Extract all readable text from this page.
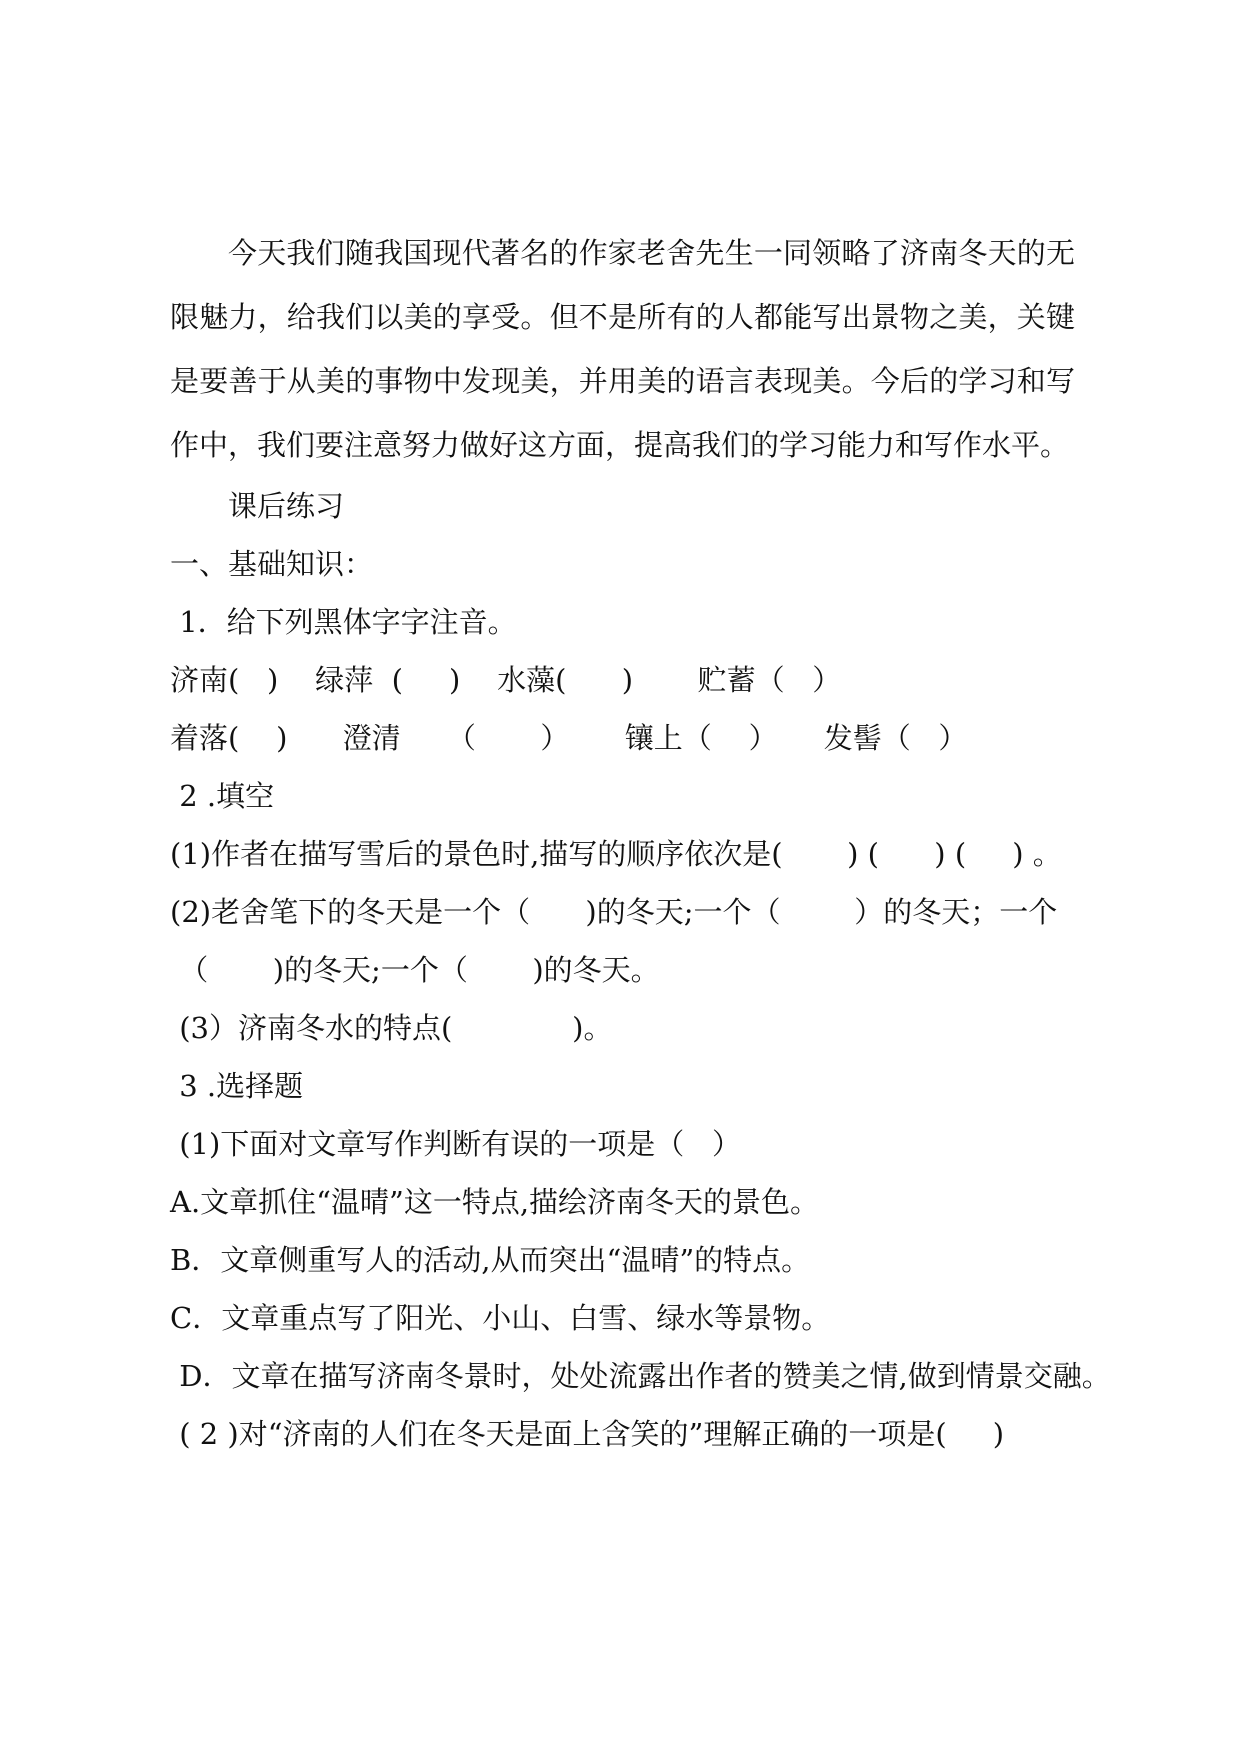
今天我们随我国现代著名的作家老舍先生一同领略了济南冬天的无限魅力，给我们以美的享受。但不是所有的人都能写出景物之美，关键是要善于从美的事物中发现美，并用美的语言表现美。今后的学习和写作中，我们要注意努力做好这方面，提高我们的学习能力和写作水平。

课后练习
一、基础知识：
1．给下列黑体字字注音。
济南(   )    绿萍  (     )    水藻(      )       贮蓄（   ）
着落(    )      澄清     （       ）      镶上（    ）     发髻（   ）
2 .填空
(1)作者在描写雪后的景色时,描写的顺序依次是(       ) (      ) (     ) 。
(2)老舍笔下的冬天是一个（      )的冬天;一个（        ）的冬天；一个
（       )的冬天;一个（       )的冬天。
(3）济南冬水的特点(             )。
3 .选择题
(1)下面对文章写作判断有误的一项是（   ）
A.文章抓住“温晴”这一特点,描绘济南冬天的景色。
B．文章侧重写人的活动,从而突出“温晴”的特点。
C．文章重点写了阳光、小山、白雪、绿水等景物。
D．文章在描写济南冬景时，处处流露出作者的赞美之情,做到情景交融。
( 2 )对“济南的人们在冬天是面上含笑的”理解正确的一项是(     )
